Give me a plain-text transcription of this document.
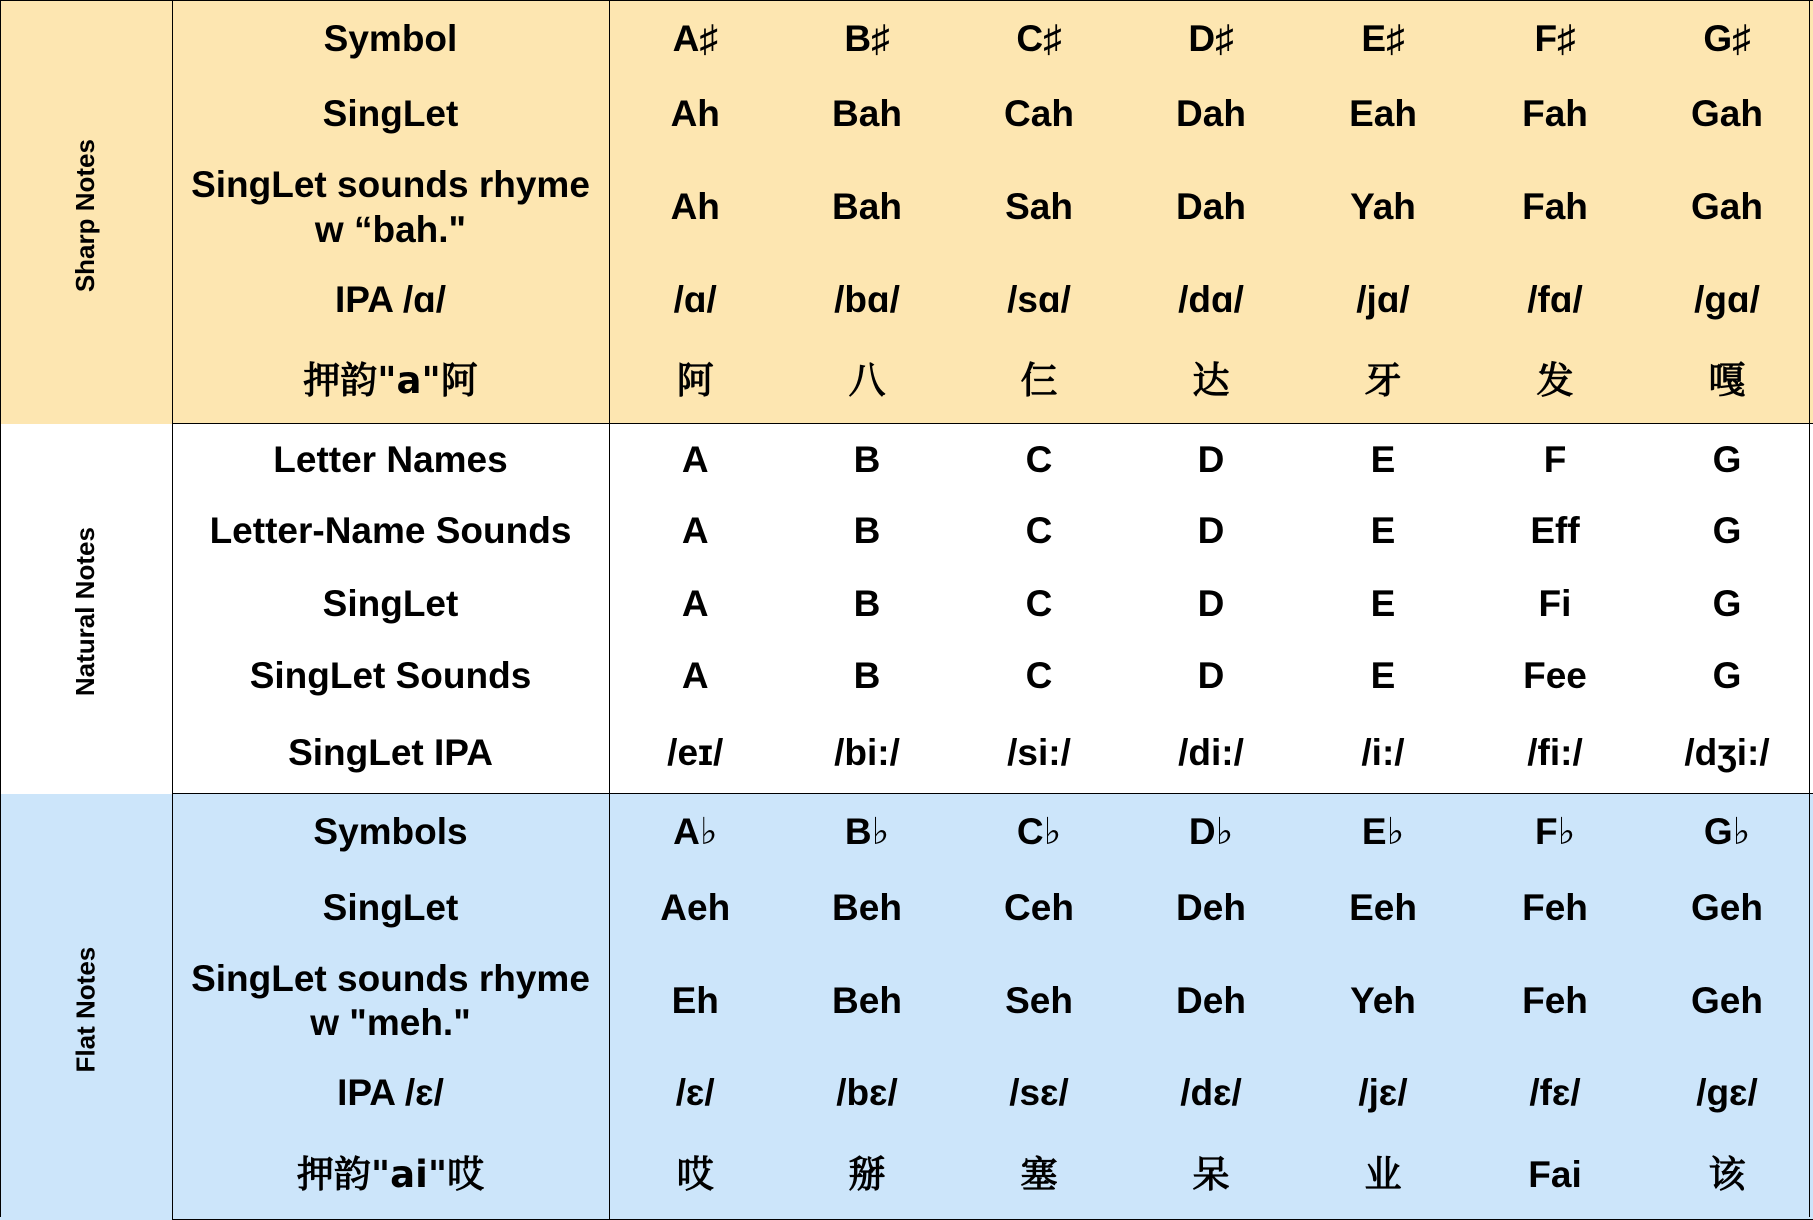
Sharp Notes	Symbol	A♯	B♯	C♯	D♯	E♯	F♯	G♯
	SingLet	Ah	Bah	Cah	Dah	Eah	Fah	Gah
	SingLet sounds rhyme w “bah."	Ah	Bah	Sah	Dah	Yah	Fah	Gah
	IPA /ɑ/	/ɑ/	/bɑ/	/sɑ/	/dɑ/	/jɑ/	/fɑ/	/gɑ/
	押韵"a"阿	阿	八	仨	达	牙	发	嘎
Natural Notes	Letter Names	A	B	C	D	E	F	G
	Letter-Name Sounds	A	B	C	D	E	Eff	G
	SingLet	A	B	C	D	E	Fi	G
	SingLet Sounds	A	B	C	D	E	Fee	G
	SingLet IPA	/eɪ/	/bi:/	/si:/	/di:/	/i:/	/fi:/	/dʒi:/
Flat Notes	Symbols	A♭	B♭	C♭	D♭	E♭	F♭	G♭
	SingLet	Aeh	Beh	Ceh	Deh	Eeh	Feh	Geh
	SingLet sounds rhyme w "meh."	Eh	Beh	Seh	Deh	Yeh	Feh	Geh
	IPA /ɛ/	/ɛ/	/bɛ/	/sɛ/	/dɛ/	/jɛ/	/fɛ/	/gɛ/
	押韵"ai"哎	哎	掰	塞	呆	业	Fai	该
